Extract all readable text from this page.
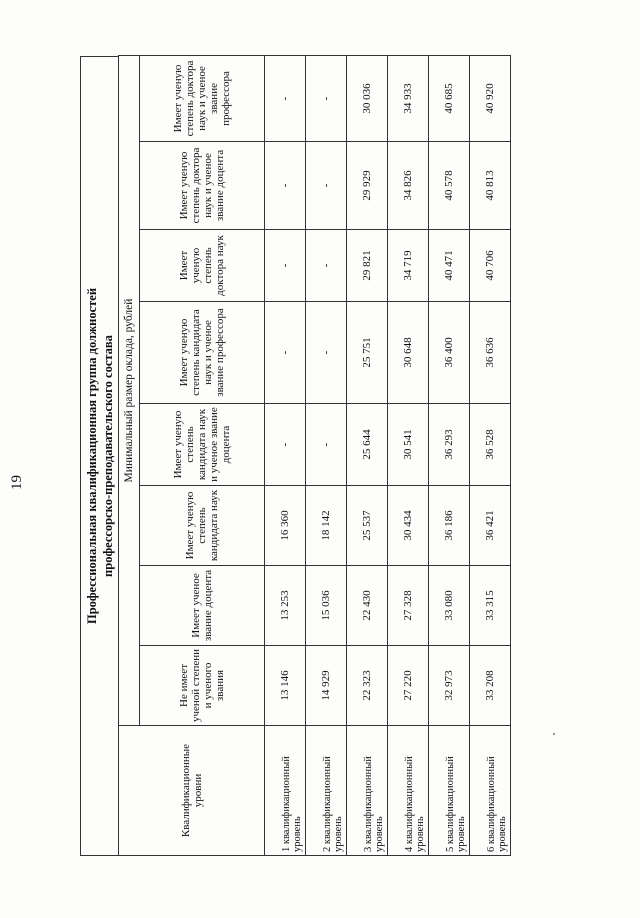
19	Профессиональная квалификационная группа должностей профессорско-преподавательского состава
Квалификационные уровни	Минимальный размер оклада, рублей							
	Не имеет ученой степени и ученого звания	Имеет ученое звание доцента	Имеет ученую степень кандидата наук	Имеет ученую степень кандидата наук и ученое звание доцента	Имеет ученую степень кандидата наук и ученое звание профессора	Имеет ученую степень доктора наук	Имеет ученую степень доктора наук и ученое звание доцента	Имеет ученую степень доктора наук и ученое звание профессора
1 квалификационный уровень	13 146	13 253	16 360	-	-	-	-	-
2 квалификационный уровень	14 929	15 036	18 142	-	-	-	-	-
3 квалификационный уровень	22 323	22 430	25 537	25 644	25 751	29 821	29 929	30 036
4 квалификационный уровень	27 220	27 328	30 434	30 541	30 648	34 719	34 826	34 933
5 квалификационный уровень	32 973	33 080	36 186	36 293	36 400	40 471	40 578	40 685
6 квалификационный уровень	33 208	33 315	36 421	36 528	36 636	40 706	40 813	40 920
